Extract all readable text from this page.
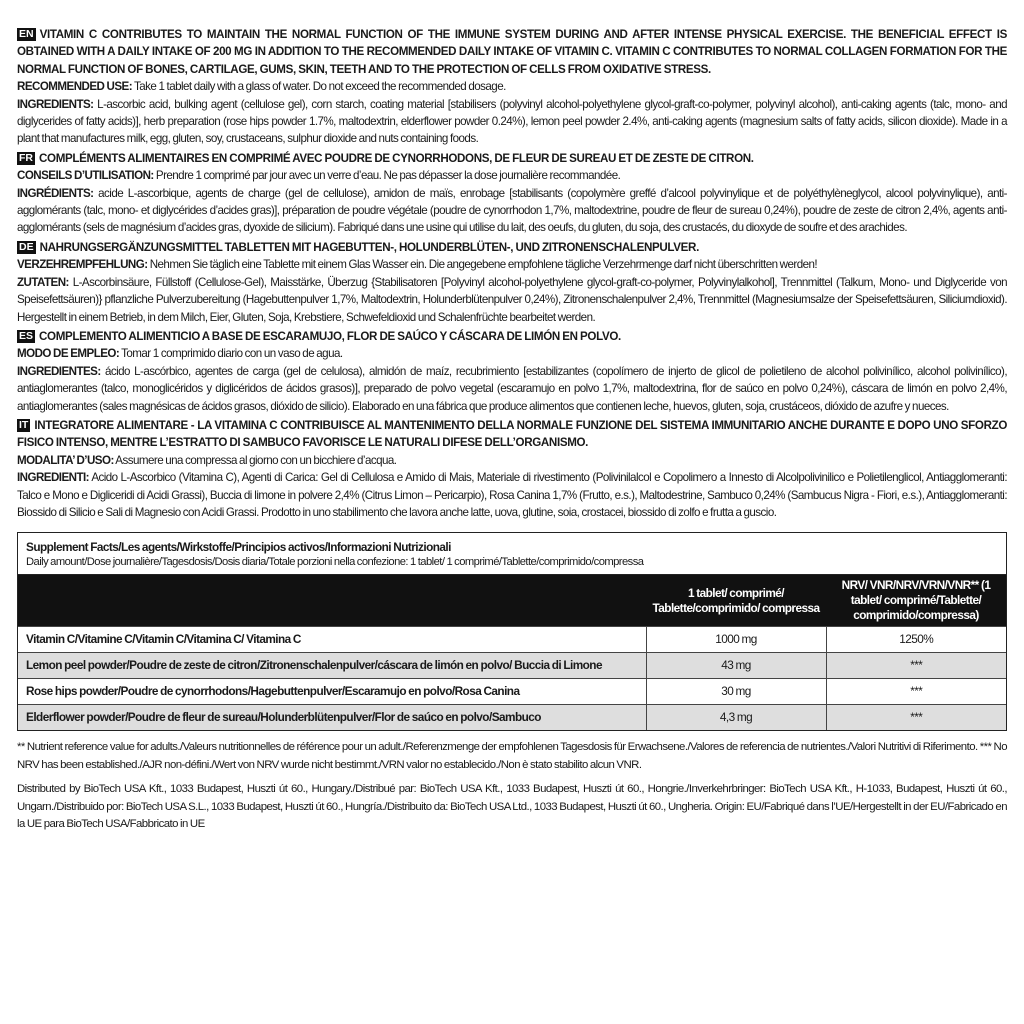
EN VITAMIN C CONTRIBUTES TO MAINTAIN THE NORMAL FUNCTION OF THE IMMUNE SYSTEM DURING AND AFTER INTENSE PHYSICAL EXERCISE. THE BENEFICIAL EFFECT IS OBTAINED WITH A DAILY INTAKE OF 200 MG IN ADDITION TO THE RECOMMENDED DAILY INTAKE OF VITAMIN C. VITAMIN C CONTRIBUTES TO NORMAL COLLAGEN FORMATION FOR THE NORMAL FUNCTION OF BONES, CARTILAGE, GUMS, SKIN, TEETH AND TO THE PROTECTION OF CELLS FROM OXIDATIVE STRESS.
RECOMMENDED USE: Take 1 tablet daily with a glass of water. Do not exceed the recommended dosage.
INGREDIENTS: L-ascorbic acid, bulking agent (cellulose gel), corn starch, coating material [stabilisers (polyvinyl alcohol-polyethylene glycol-graft-co-polymer, polyvinyl alcohol), anti-caking agents (talc, mono- and diglycerides of fatty acids)], herb preparation (rose hips powder 1.7%, maltodextrin, elderflower powder 0.24%), lemon peel powder 2.4%, anti-caking agents (magnesium salts of fatty acids, silicon dioxide). Made in a plant that manufactures milk, egg, gluten, soy, crustaceans, sulphur dioxide and nuts containing foods.
FR COMPLÉMENTS ALIMENTAIRES EN COMPRIMÉ AVEC POUDRE DE CYNORRHODONS, DE FLEUR DE SUREAU ET DE ZESTE DE CITRON.
CONSEILS D’UTILISATION: Prendre 1 comprimé par jour avec un verre d’eau. Ne pas dépasser la dose journalière recommandée.
INGRÉDIENTS: acide L-ascorbique, agents de charge (gel de cellulose), amidon de maïs, enrobage [stabilisants (copolymère greffé d’alcool polyvinylique et de polyéthylèneglycol, alcool polyvinylique), anti-agglomérants (talc, mono- et diglycérides d’acides gras)], préparation de poudre végétale (poudre de cynorrhodon 1,7%, maltodextrine, poudre de fleur de sureau 0,24%), poudre de zeste de citron 2,4%, agents anti-agglomérants (sels de magnésium d’acides gras, dyoxide de silicium). Fabriqué dans une usine qui utilise du lait, des oeufs, du gluten, du soja, des crustacés, du dioxyde de soufre et des arachides.
DE NAHRUNGSERGÄNZUNGSMITTEL TABLETTEN MIT HAGEBUTTEN-, HOLUNDERBLÜTEN-, UND ZITRONENSCHALENPULVER.
VERZEHREMPFEHLUNG: Nehmen Sie täglich eine Tablette mit einem Glas Wasser ein. Die angegebene empfohlene tägliche Verzehrmenge darf nicht überschritten werden!
ZUTATEN: L-Ascorbinsäure, Füllstoff (Cellulose-Gel), Maisstärke, Überzug {Stabilisatoren [Polyvinyl alcohol-polyethylene glycol-graft-co-polymer, Polyvinylalkohol], Trennmittel (Talkum, Mono- und Diglyceride von Speisefettsäuren)} pflanzliche Pulverzubereitung (Hagebuttenpulver 1,7%, Maltodextrin, Holunderblütenpulver 0,24%), Zitronenschalenpulver 2,4%, Trennmittel (Magnesiumsalze der Speisefettsäuren, Siliciumdioxid). Hergestellt in einem Betrieb, in dem Milch, Eier, Gluten, Soja, Krebstiere, Schwefeldioxid und Schalenfrüchte bearbeitet werden.
ES COMPLEMENTO ALIMENTICIO A BASE DE ESCARAMUJO, FLOR DE SAÚCO Y CÁSCARA DE LIMÓN EN POLVO.
MODO DE EMPLEO: Tomar 1 comprimido diario con un vaso de agua.
INGREDIENTES: ácido L-ascórbico, agentes de carga (gel de celulosa), almidón de maíz, recubrimiento [estabilizantes (copolímero de injerto de glicol de polietileno de alcohol polivinílico, alcohol polivinílico), antiaglomerantes (talco, monoglicéridos y diglicéridos de ácidos grasos)], preparado de polvo vegetal (escaramujo en polvo 1,7%, maltodextrina, flor de saúco en polvo 0,24%), cáscara de limón en polvo 2,4%, antiaglomerantes (sales magnésicas de ácidos grasos, dióxido de silicio). Elaborado en una fábrica que produce alimentos que contienen leche, huevos, gluten, soja, crustáceos, dióxido de azufre y nueces.
IT INTEGRATORE ALIMENTARE - LA VITAMINA C CONTRIBUISCE AL MANTENIMENTO DELLA NORMALE FUNZIONE DEL SISTEMA IMMUNITARIO ANCHE DURANTE E DOPO UNO SFORZO FISICO INTENSO, MENTRE L’ESTRATTO DI SAMBUCO FAVORISCE LE NATURALI DIFESE DELL’ORGANISMO.
MODALITA’ D’USO: Assumere una compressa al giorno con un bicchiere d’acqua.
INGREDIENTI: Acido L-Ascorbico (Vitamina C), Agenti di Carica: Gel di Cellulosa e Amido di Mais, Materiale di rivestimento (Polivinilalcol e Copolimero a Innesto di Alcolpolivinilico e Polietilenglicol, Antiagglomeranti: Talco e Mono e Digliceridi di Acidi Grassi), Buccia di limone in polvere 2,4% (Citrus Limon – Pericarpio), Rosa Canina 1,7% (Frutto, e.s.), Maltodestrine, Sambuco 0,24% (Sambucus Nigra - Fiori, e.s.), Antiagglomeranti: Biossido di Silicio e Sali di Magnesio con Acidi Grassi. Prodotto in uno stabilimento che lavora anche latte, uova, glutine, soia, crostacei, biossido di zolfo e frutta a guscio.
Supplement Facts/Les agents/Wirkstoffe/Principios activos/Informazioni Nutrizionali
Daily amount/Dose journalière/Tagesdosis/Dosis diaria/Totale porzioni nella confezione: 1 tablet/ 1 comprimé/Tablette/comprimido/compressa
	1 tablet/ comprimé/ Tablette/comprimido/ compressa	NRV/ VNR/NRV/VRN/VNR** (1 tablet/ comprimé/Tablette/ comprimido/compressa)
Vitamin C/Vitamine C/Vitamin C/Vitamina C/ Vitamina C	1000 mg	1250%
Lemon peel powder/Poudre de zeste de citron/Zitronenschalenpulver/cáscara de limón en polvo/ Buccia di Limone	43 mg	***
Rose hips powder/Poudre de cynorrhodons/Hagebuttenpulver/Escaramujo en polvo/Rosa Canina	30 mg	***
Elderflower powder/Poudre de fleur de sureau/Holunderblütenpulver/Flor de saúco en polvo/Sambuco	4,3 mg	***
** Nutrient reference value for adults./Valeurs nutritionnelles de référence pour un adult./Referenzmenge der empfohlenen Tagesdosis für Erwachsene./Valores de referencia de nutrientes./Valori Nutritivi di Riferimento. *** No NRV has been established./AJR non-défini./Wert von NRV wurde nicht bestimmt./VRN valor no establecido./Non è stato stabilito alcun VNR.
Distributed by BioTech USA Kft., 1033 Budapest, Huszti út 60., Hungary./Distribué par: BioTech USA Kft., 1033 Budapest, Huszti út 60., Hongrie./Inverkehrbringer: BioTech USA Kft., H-1033, Budapest, Huszti út 60., Ungarn./Distribuido por: BioTech USA S.L., 1033 Budapest, Huszti út 60., Hungría./Distribuito da: BioTech USA Ltd., 1033 Budapest, Huszti út 60., Ungheria. Origin: EU/Fabriqué dans l’UE/Hergestellt in der EU/Fabricado en la UE para BioTech USA/Fabbricato in UE
